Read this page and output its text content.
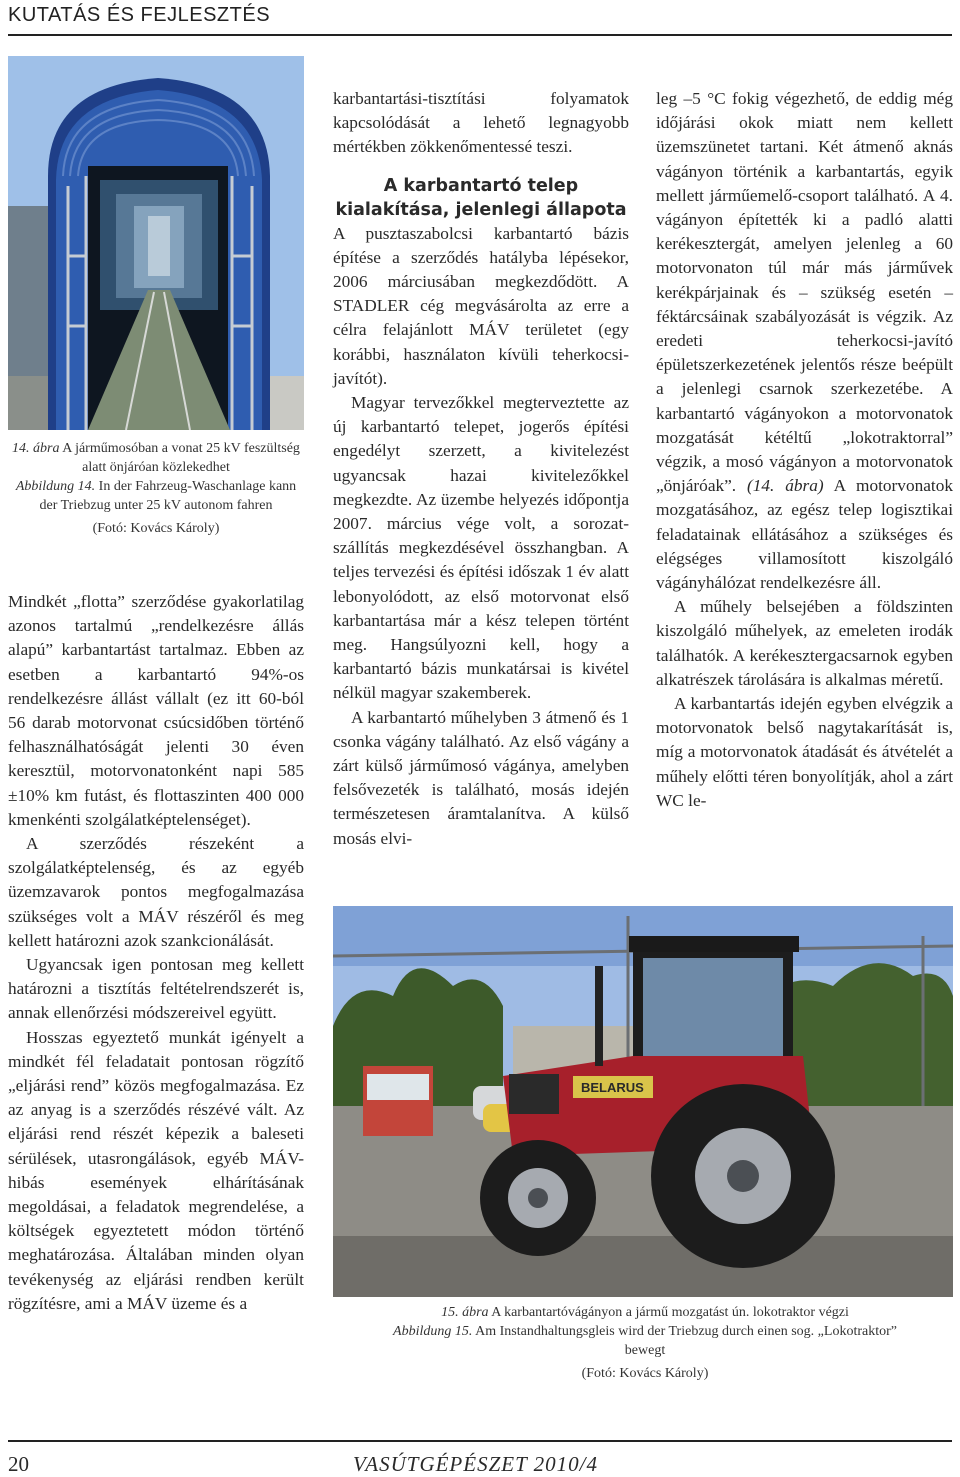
KUTATÁS ÉS FEJLESZTÉS
14. ábra A járműmosóban a vonat 25 kV feszültség alatt önjáróan közlekedhet
Abbildung 14. In der Fahrzeug-Waschanlage kann der Triebzug unter 25 kV autonom fahren
(Fotó: Kovács Károly)

Mindkét „flotta” szerződése gyakorlatilag azonos tartalmú „rendelkezésre állás alapú” karbantartást tartalmaz. Ebben az esetben a karbantartó 94%-os rendelkezésre állást vállalt (ez itt 60-ból 56 darab motorvonat csúcsidőben történő felhasználhatóságát jelenti 30 éven keresztül, motorvonatonként napi 585 ±10% km futást, és flottaszinten 400 000 kmenkénti szolgálatképtelenséget).

A szerződés részeként a szolgálatképtelenség, és az egyéb üzemzavarok pontos megfogalmazása szükséges volt a MÁV részéről és meg kellett határozni azok szankcionálását.

Ugyancsak igen pontosan meg kellett határozni a tisztítás feltételrendszerét is, annak ellenőrzési módszereivel együtt.

Hosszas egyeztető munkát igényelt a mindkét fél feladatait pontosan rögzítő „eljárási rend” közös megfogalmazása. Ez az anyag is a szerződés részévé vált. Az eljárási rend részét képezik a baleseti sérülések, utasrongálások, egyéb MÁV-hibás események elhárításának megoldásai, a feladatok megrendelése, a költségek egyeztetett módon történő meghatározása. Általában minden olyan tevékenység az eljárási rendben került rögzítésre, ami a MÁV üzeme és a

karbantartási-tisztítási folyamatok kapcsolódását a lehető legnagyobb mértékben zökkenőmentessé teszi.

A karbantartó telep kialakítása, jelenlegi állapota

A pusztaszabolcsi karbantartó bázis építése a szerződés hatályba lépésekor, 2006 márciusában megkezdődött. A STADLER cég megvásárolta az erre a célra felajánlott MÁV területet (egy korábbi, használaton kívüli teherkocsi-javítót).

Magyar tervezőkkel megterveztette az új karbantartó telepet, jogerős építési engedélyt szerzett, a kivitelezést ugyancsak hazai kivitelezőkkel megkezdte. Az üzembe helyezés időpontja 2007. március vége volt, a sorozat-szállítás megkezdésével összhangban. A teljes tervezési és építési időszak 1 év alatt lebonyolódott, az első motorvonat első karbantartása már a kész telepen történt meg. Hangsúlyozni kell, hogy a karbantartó bázis munkatársai is kivétel nélkül magyar szakemberek.

A karbantartó műhelyben 3 átmenő és 1 csonka vágány található. Az első vágány a zárt külső járműmosó vágánya, amelyben felsővezeték is található, mosás idején természetesen áramtalanítva. A külső mosás elvi-

leg –5 °C fokig végezhető, de eddig még időjárási okok miatt nem kellett üzemszünetet tartani. Két átmenő aknás vágányon történik a karbantartás, egyik mellett járműemelő-csoport található. A 4. vágányon építették ki a padló alatti kerékesztergát, amelyen jelenleg a 60 motorvonaton túl már más járművek kerékpárjainak és – szükség esetén – féktárcsáinak szabályozását is végzik. Az eredeti teherkocsi-javító épületszerkezetének jelentős része beépült a jelenlegi csarnok szerkezetébe. A karbantartó vágányokon a motorvonatok mozgatását kétéltű „lokotraktorral” végzik, a mosó vágányon a motorvonatok „önjáróak”. (14. ábra) A motorvonatok mozgatásához, az egész telep logisztikai feladatainak ellátásához a szükséges és elégséges villamosított kiszolgáló vágányhálózat rendelkezésre áll.

A műhely belsejében a földszinten kiszolgáló műhelyek, az emeleten irodák találhatók. A kerékesztergacsarnok egyben alkatrészek tárolására is alkalmas méretű.

A karbantartás idején egyben elvégzik a motorvonatok belső nagytakarítását is, míg a motorvonatok átadását és átvételét a műhely előtti téren bonyolítják, ahol a zárt WC le-

BELARUS
15. ábra A karbantartóvágányon a jármű mozgatást ún. lokotraktor végzi
Abbildung 15. Am Instandhaltungsgleis wird der Triebzug durch einen sog. „Lokotraktor” bewegt
(Fotó: Kovács Károly)
20	VASÚTGÉPÉSZET 2010/4
